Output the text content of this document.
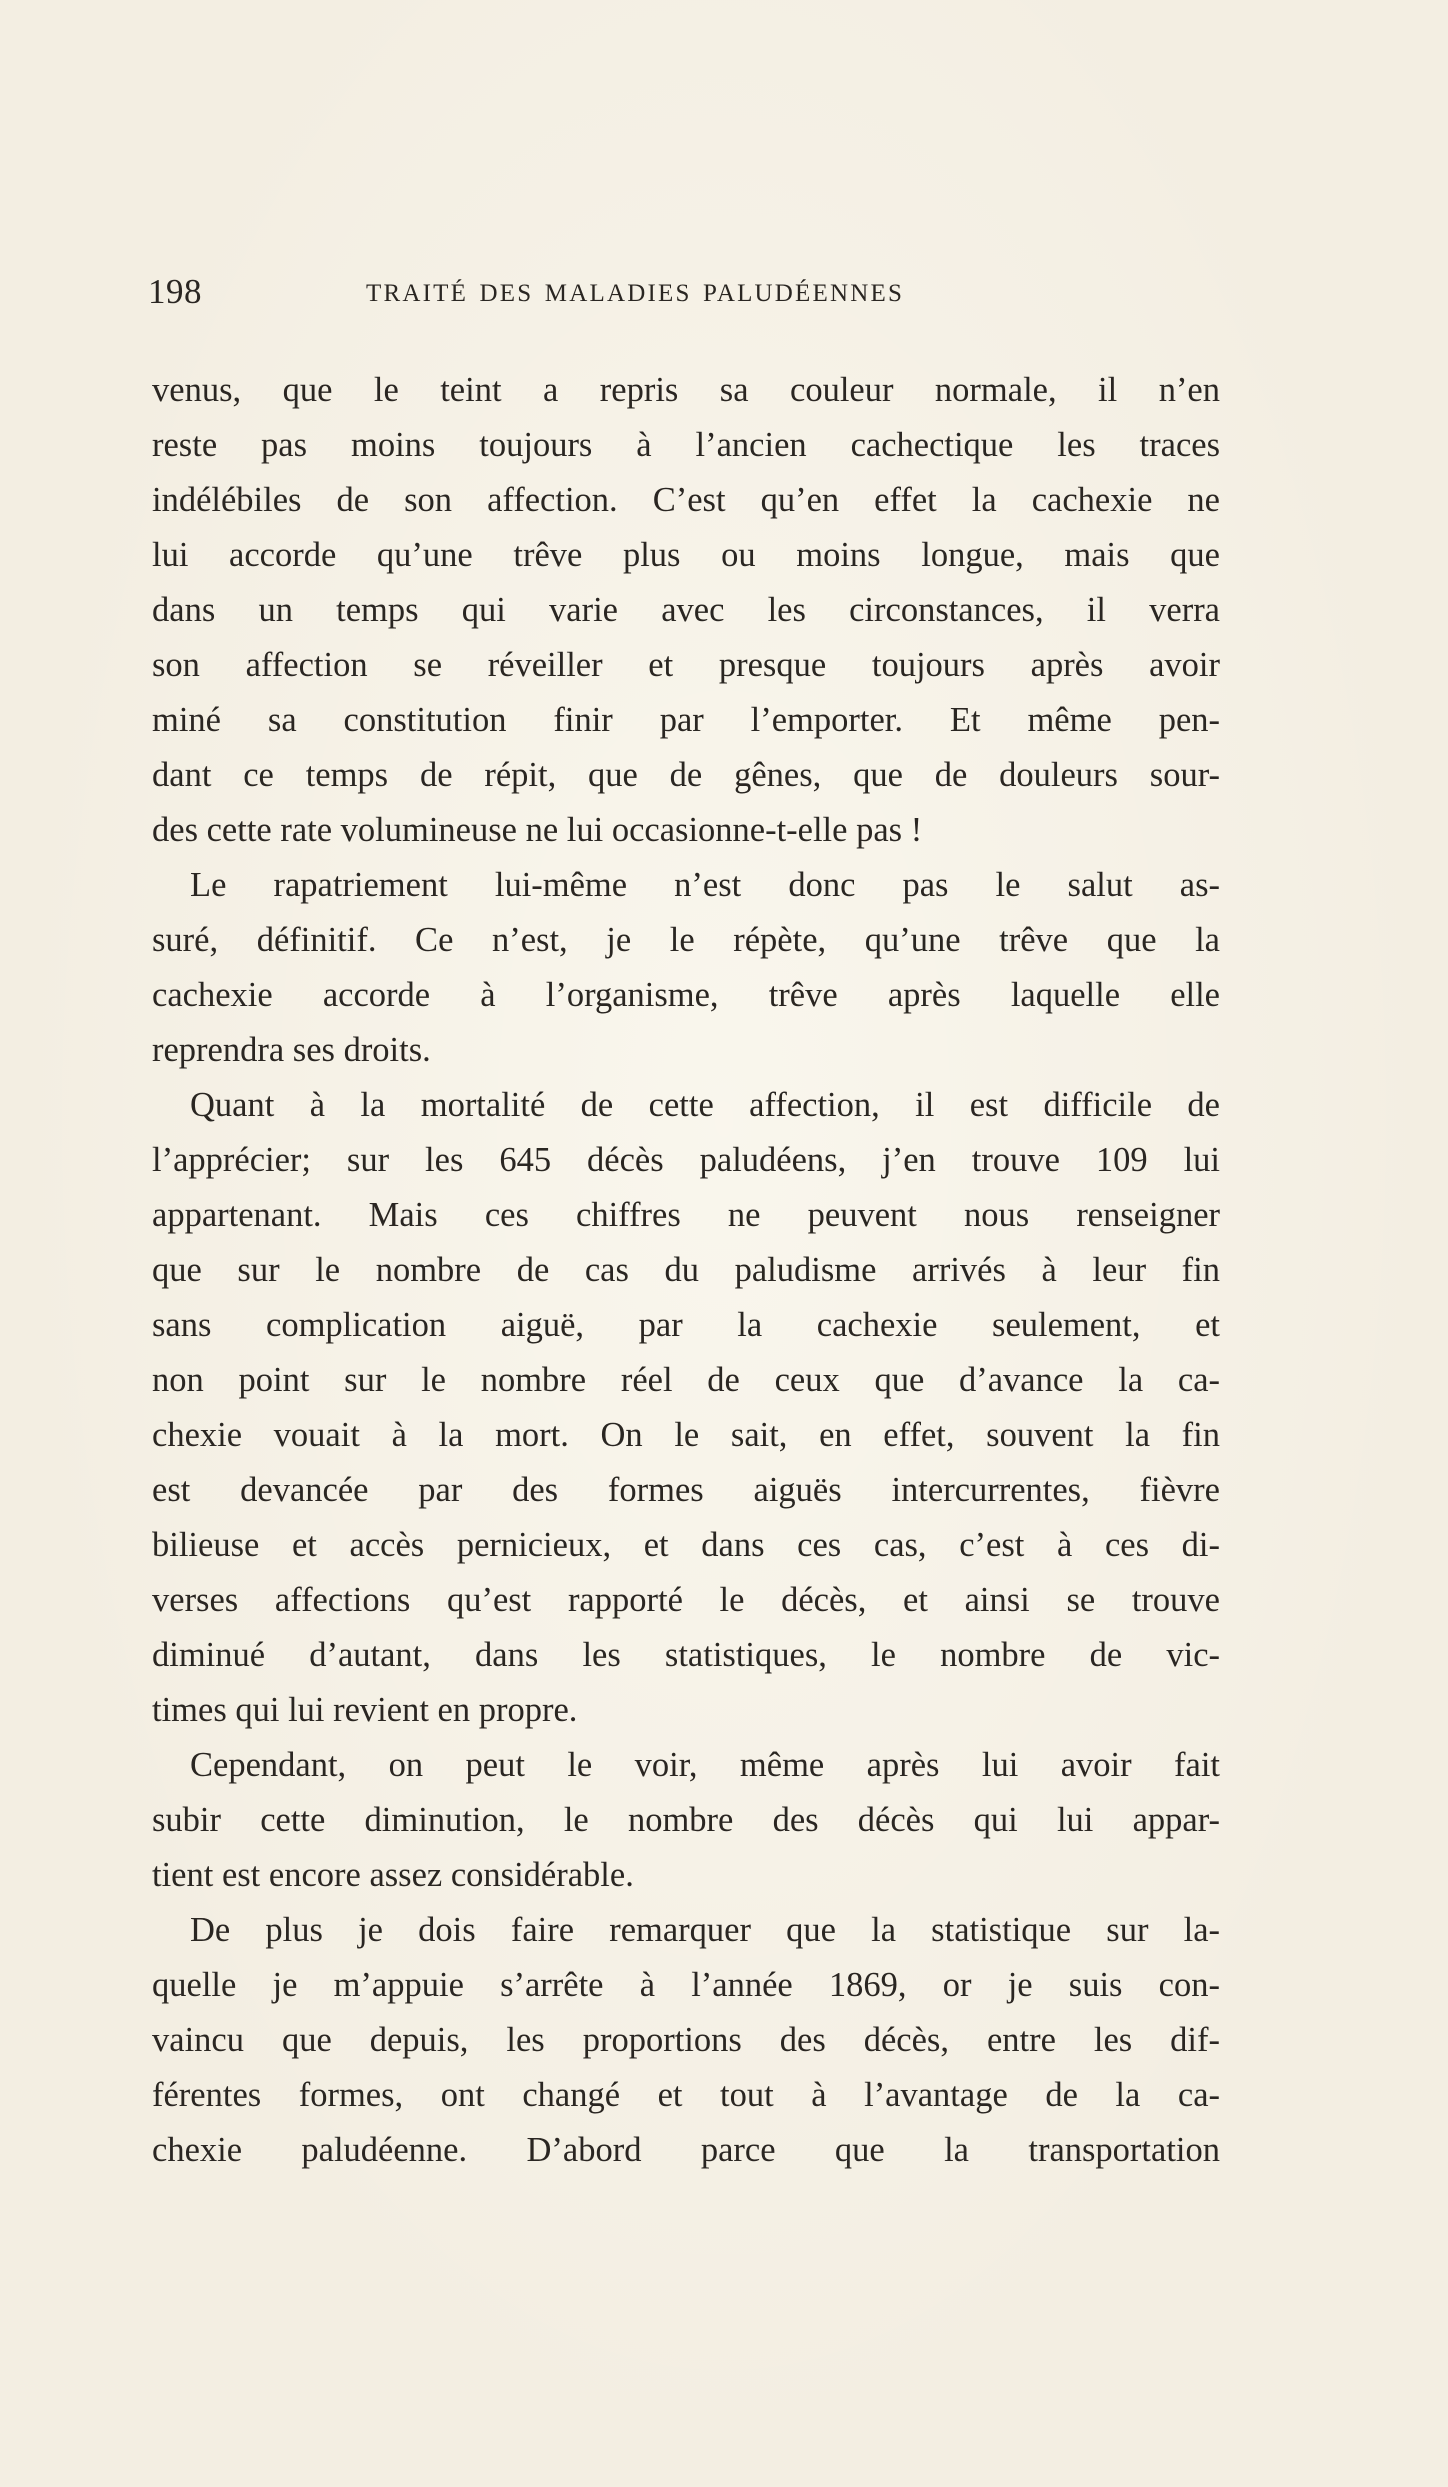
198	TRAITÉ DES MALADIES PALUDÉENNES
venus, que le teint a repris sa couleur normale, il n’en
reste pas moins toujours à l’ancien cachectique les traces
indélébiles de son affection. C’est qu’en effet la cachexie ne
lui accorde qu’une trêve plus ou moins longue, mais que
dans un temps qui varie avec les circonstances, il verra
son affection se réveiller et presque toujours après avoir
miné sa constitution finir par l’emporter. Et même pen-
dant ce temps de répit, que de gênes, que de douleurs sour-
des cette rate volumineuse ne lui occasionne-t-elle pas !
Le rapatriement lui-même n’est donc pas le salut as-
suré, définitif. Ce n’est, je le répète, qu’une trêve que la
cachexie accorde à l’organisme, trêve après laquelle elle
reprendra ses droits.
Quant à la mortalité de cette affection, il est difficile de
l’apprécier; sur les 645 décès paludéens, j’en trouve 109 lui
appartenant. Mais ces chiffres ne peuvent nous renseigner
que sur le nombre de cas du paludisme arrivés à leur fin
sans complication aiguë, par la cachexie seulement, et
non point sur le nombre réel de ceux que d’avance la ca-
chexie vouait à la mort. On le sait, en effet, souvent la fin
est devancée par des formes aiguës intercurrentes, fièvre
bilieuse et accès pernicieux, et dans ces cas, c’est à ces di-
verses affections qu’est rapporté le décès, et ainsi se trouve
diminué d’autant, dans les statistiques, le nombre de vic-
times qui lui revient en propre.
Cependant, on peut le voir, même après lui avoir fait
subir cette diminution, le nombre des décès qui lui appar-
tient est encore assez considérable.
De plus je dois faire remarquer que la statistique sur la-
quelle je m’appuie s’arrête à l’année 1869, or je suis con-
vaincu que depuis, les proportions des décès, entre les dif-
férentes formes, ont changé et tout à l’avantage de la ca-
chexie paludéenne. D’abord parce que la transportation
